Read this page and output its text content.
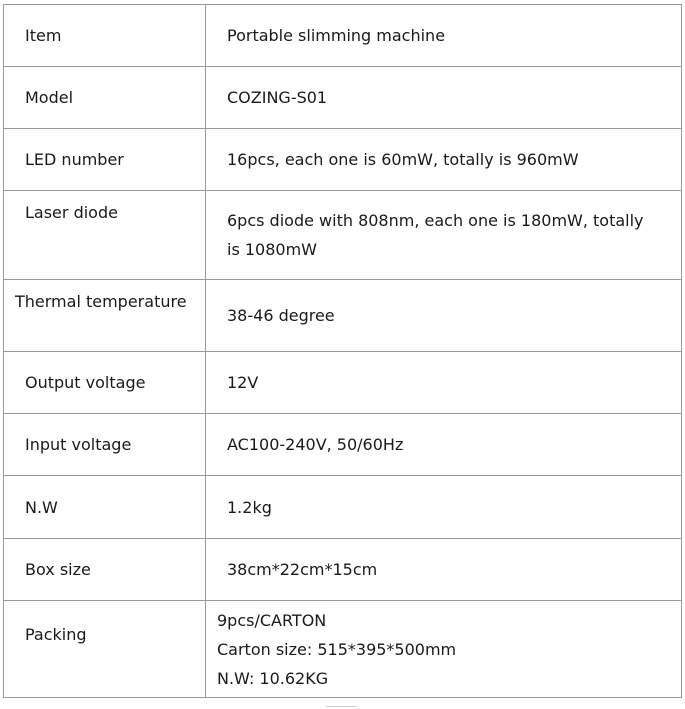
Item	Portable slimming machine
Model	COZING-S01
LED number	16pcs, each one is 60mW, totally is 960mW
Laser diode	6pcs diode with 808nm, each one is 180mW, totally
is 1080mW

Thermal temperature	38-46 degree
Output voltage	12V
Input voltage	AC100-240V, 50/60Hz
N.W	1.2kg
Box size	38cm*22cm*15cm
Packing	9pcs/CARTON
Carton size: 515*395*500mm
N.W: 10.62KG
